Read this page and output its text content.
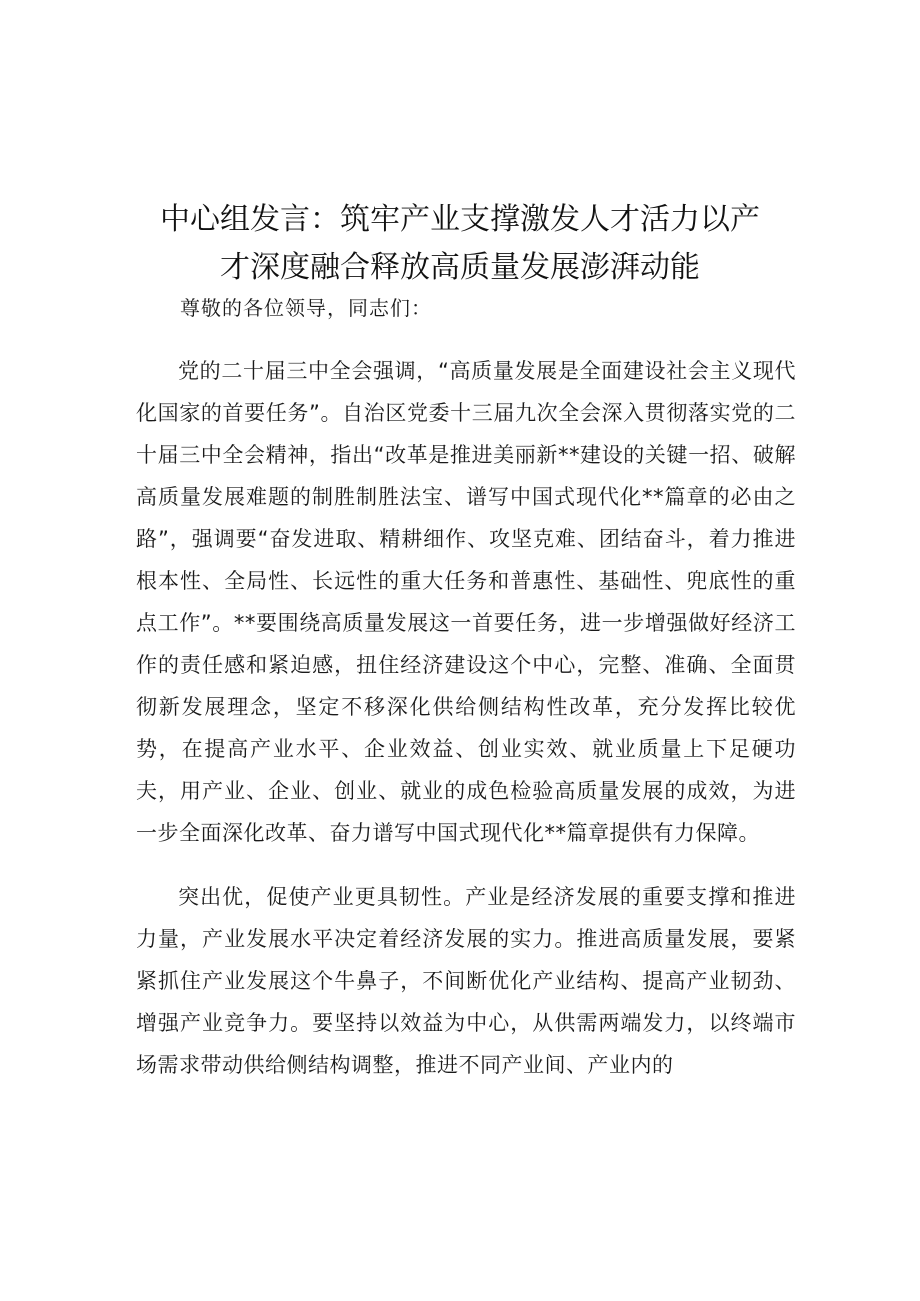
中心组发言：筑牢产业支撑激发人才活力以产
才深度融合释放高质量发展澎湃动能

尊敬的各位领导，同志们：

党的二十届三中全会强调，“高质量发展是全面建设社会主义现代化国家的首要任务”。自治区党委十三届九次全会深入贯彻落实党的二十届三中全会精神，指出“改革是推进美丽新**建设的关键一招、破解高质量发展难题的制胜制胜法宝、谱写中国式现代化**篇章的必由之路”，强调要“奋发进取、精耕细作、攻坚克难、团结奋斗，着力推进根本性、全局性、长远性的重大任务和普惠性、基础性、兜底性的重点工作”。**要围绕高质量发展这一首要任务，进一步增强做好经济工作的责任感和紧迫感，扭住经济建设这个中心，完整、准确、全面贯彻新发展理念，坚定不移深化供给侧结构性改革，充分发挥比较优势，在提高产业水平、企业效益、创业实效、就业质量上下足硬功夫，用产业、企业、创业、就业的成色检验高质量发展的成效，为进一步全面深化改革、奋力谱写中国式现代化**篇章提供有力保障。

突出优，促使产业更具韧性。产业是经济发展的重要支撑和推进力量，产业发展水平决定着经济发展的实力。推进高质量发展，要紧紧抓住产业发展这个牛鼻子，不间断优化产业结构、提高产业韧劲、增强产业竞争力。要坚持以效益为中心，从供需两端发力，以终端市场需求带动供给侧结构调整，推进不同产业间、产业内的
